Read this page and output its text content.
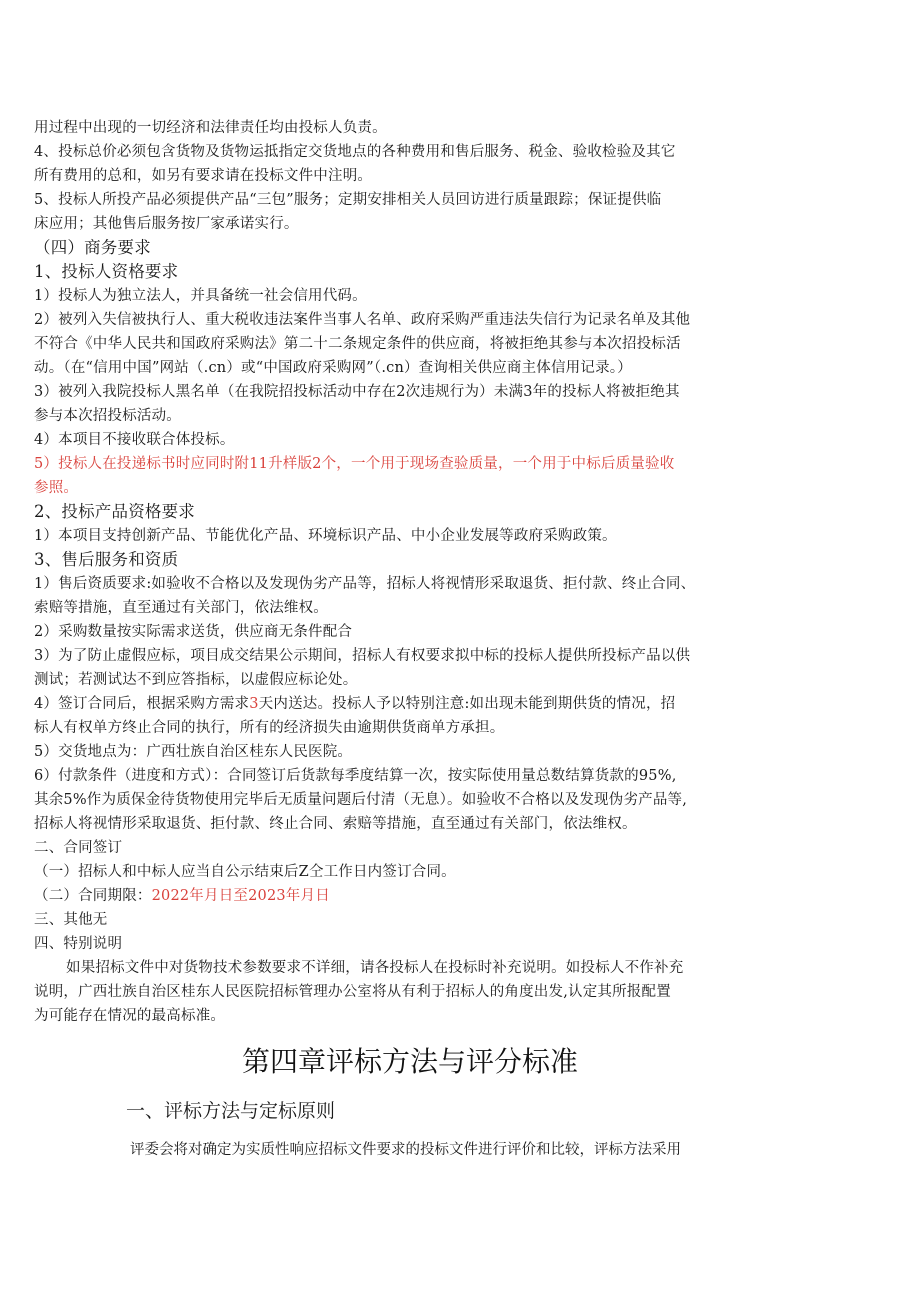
用过程中出现的一切经济和法律责任均由投标人负责。
4、投标总价必须包含货物及货物运抵指定交货地点的各种费用和售后服务、税金、验收检验及其它
所有费用的总和，如另有要求请在投标文件中注明。
5、投标人所投产品必须提供产品“三包”服务；定期安排相关人员回访进行质量跟踪；保证提供临
床应用；其他售后服务按厂家承诺实行。
（四）商务要求
1、投标人资格要求
1）投标人为独立法人，并具备统一社会信用代码。
2）被列入失信被执行人、重大税收违法案件当事人名单、政府采购严重违法失信行为记录名单及其他
不符合《中华人民共和国政府采购法》第二十二条规定条件的供应商，将被拒绝其参与本次招投标活
动。（在“信用中国”网站（.cn）或“中国政府采购网”（.cn）查询相关供应商主体信用记录。）
3）被列入我院投标人黑名单（在我院招投标活动中存在2次违规行为）未满3年的投标人将被拒绝其
参与本次招投标活动。
4）本项目不接收联合体投标。
5）投标人在投递标书时应同时附11升样版2个，一个用于现场查验质量，一个用于中标后质量验收
参照。
2、投标产品资格要求
1）本项目支持创新产品、节能优化产品、环境标识产品、中小企业发展等政府采购政策。
3、售后服务和资质
1）售后资质要求:如验收不合格以及发现伪劣产品等，招标人将视情形采取退货、拒付款、终止合同、
索赔等措施，直至通过有关部门，依法维权。
2）采购数量按实际需求送货，供应商无条件配合
3）为了防止虚假应标，项目成交结果公示期间，招标人有权要求拟中标的投标人提供所投标产品以供
测试；若测试达不到应答指标，以虚假应标论处。
4）签订合同后，根据采购方需求3天内送达。投标人予以特别注意:如出现未能到期供货的情况，招
标人有权单方终止合同的执行，所有的经济损失由逾期供货商单方承担。
5）交货地点为：广西壮族自治区桂东人民医院。
6）付款条件（进度和方式）：合同签订后货款每季度结算一次，按实际使用量总数结算货款的95%,
其余5%作为质保金待货物使用完毕后无质量问题后付清（无息）。如验收不合格以及发现伪劣产品等,
招标人将视情形采取退货、拒付款、终止合同、索赔等措施，直至通过有关部门，依法维权。
二、合同签订
（一）招标人和中标人应当自公示结束后Z仝工作日内签订合同。
（二）合同期限：2022年月日至2023年月日
三、其他无
四、特别说明
如果招标文件中对货物技术参数要求不详细，请各投标人在投标时补充说明。如投标人不作补充
说明，广西壮族自治区桂东人民医院招标管理办公室将从有利于招标人的角度出发,认定其所报配置
为可能存在情况的最高标准。
第四章评标方法与评分标准
一、评标方法与定标原则
评委会将对确定为实质性响应招标文件要求的投标文件进行评价和比较，评标方法采用
